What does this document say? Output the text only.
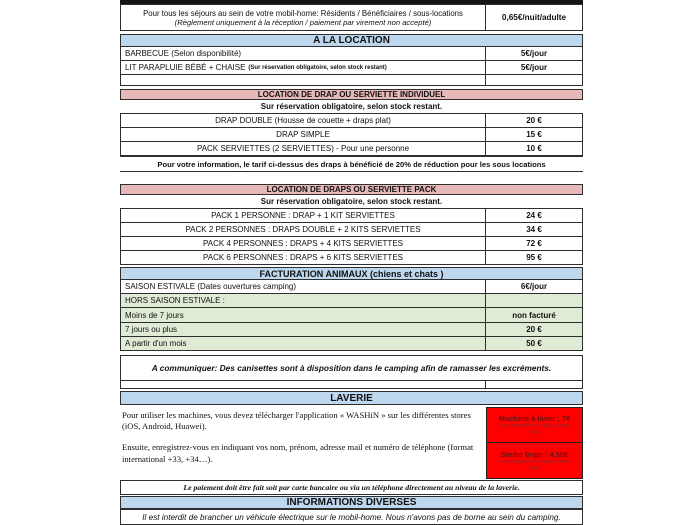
Pour tous les séjours au sein de votre mobil-home: Résidents / Bénéficiaires / sous-locations
(Règlement uniquement à la réception / paiement par virement non accepté)	0,65€/nuit/adulte
A LA LOCATION
BARBECUE (Selon disponibilité)	5€/jour
LIT PARAPLUIE BÉBÉ + CHAISE (Sur réservation obligatoire, selon stock restant)	5€/jour
LOCATION DE DRAP OU SERVIETTE INDIVIDUEL
Sur réservation obligatoire, selon stock restant.
DRAP DOUBLE (Housse de couette + draps plat)	20 €
DRAP SIMPLE	15 €
PACK SERVIETTES (2 SERVIETTES) - Pour une personne	10 €
Pour votre information, le tarif ci-dessus des draps à bénéficié de 20% de réduction pour les sous locations
LOCATION DE DRAPS OU SERVIETTE PACK
Sur réservation obligatoire, selon stock restant.
PACK 1 PERSONNE : DRAP + 1 KIT SERVIETTES	24 €
PACK 2 PERSONNES : DRAPS DOUBLE + 2 KITS SERVIETTES	34 €
PACK 4 PERSONNES : DRAPS + 4 KITS SERVIETTES	72 €
PACK 6 PERSONNES : DRAPS + 6 KITS SERVIETTES	95 €
FACTURATION ANIMAUX (chiens et chats )
SAISON ESTIVALE (Dates ouvertures camping)	6€/jour
HORS SAISON ESTIVALE :
Moins de 7 jours	non facturé
7 jours ou plus	20 €
A partir d'un mois	50 €
A communiquer: Des canisettes sont à disposition dans le camping afin de ramasser les excréments.
LAVERIE

Pour utiliser les machines, vous devez télécharger l'application « WASHiN » sur les différentes stores (iOS, Android, Huawei).

Ensuite, enregistrez-vous en indiquant vos nom, prénom, adresse mail et numéro de téléphone (format international +33, +34…).

Machine à laver : 7€
(SOUS RESERVE INSTALLATION 2026)
Sèche linge : 4,50€
(SOUS RESERVE INSTALLATION 2026)
Le paiement doit être fait soit par carte bancaire ou via un téléphone directement au niveau de la laverie.
INFORMATIONS DIVERSES
Il est interdit de brancher un véhicule électrique sur le mobil-home. Nous n'avons pas de borne au sein du camping.
